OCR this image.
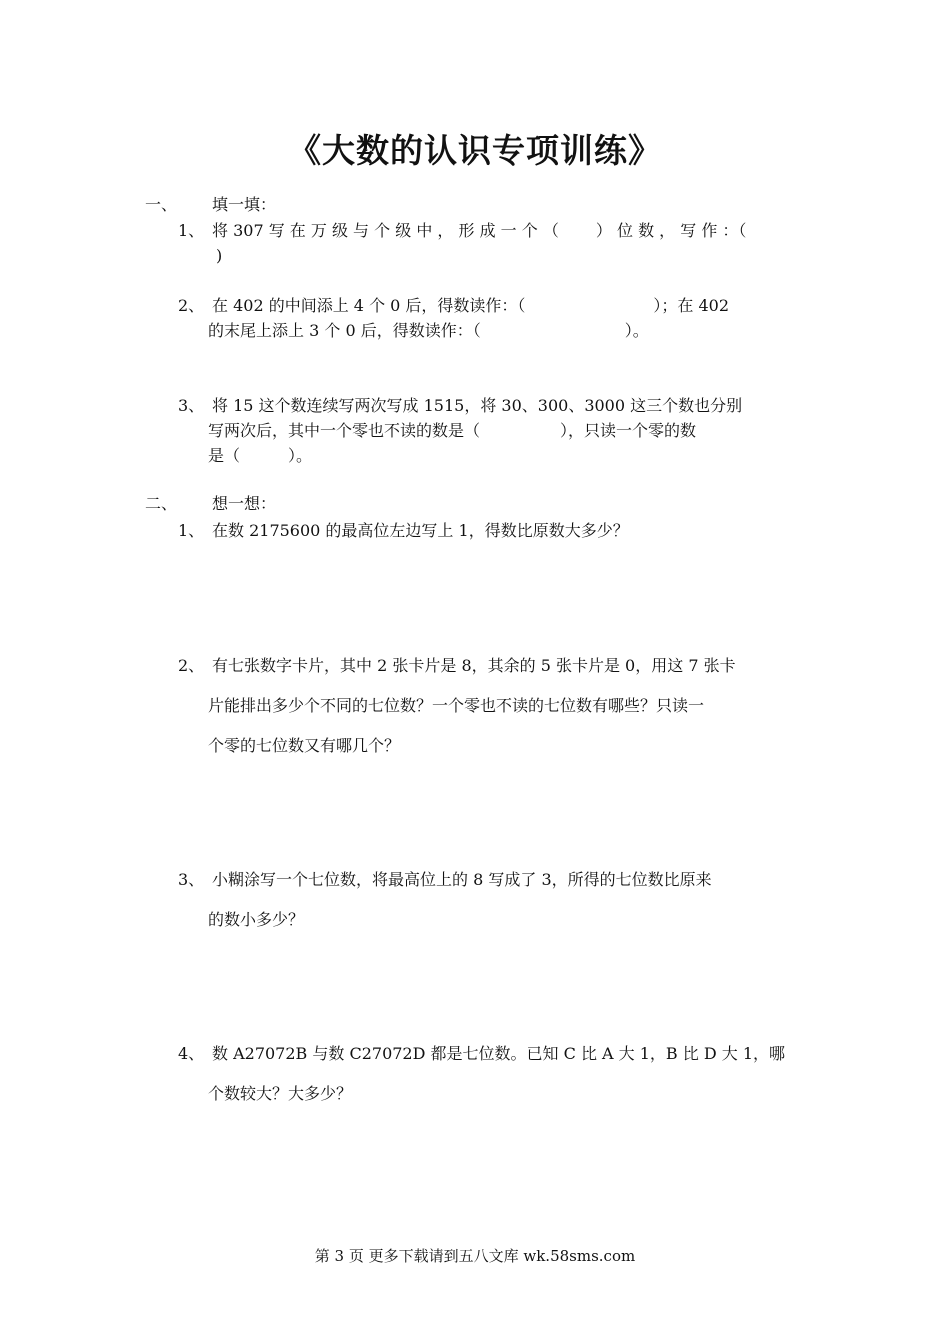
《大数的认识专项训练》
一、 填一填：
1、 将 307 写 在 万 级 与 个 级 中 ， 形 成 一 个 （　　 ） 位 数 ， 写 作 ：（
)
2、 在 402 的中间添上 4 个 0 后，得数读作：（　　　　　　　　）；在 402
的末尾上添上 3 个 0 后，得数读作：（　　　　　　　　　）。
3、 将 15 这个数连续写两次写成 1515，将 30、300、3000 这三个数也分别
写两次后，其中一个零也不读的数是（　　　　　），只读一个零的数
是（　　　）。
二、 想一想：
1、 在数 2175600 的最高位左边写上 1，得数比原数大多少？
2、 有七张数字卡片，其中 2 张卡片是 8，其余的 5 张卡片是 0，用这 7 张卡
片能排出多少个不同的七位数？一个零也不读的七位数有哪些？只读一
个零的七位数又有哪几个？
3、 小糊涂写一个七位数，将最高位上的 8 写成了 3，所得的七位数比原来
的数小多少？
4、 数 A27072B 与数 C27072D 都是七位数。已知 C 比 A 大 1，B 比 D 大 1，哪
个数较大？大多少？
第 3 页 更多下载请到五八文库 wk.58sms.com
